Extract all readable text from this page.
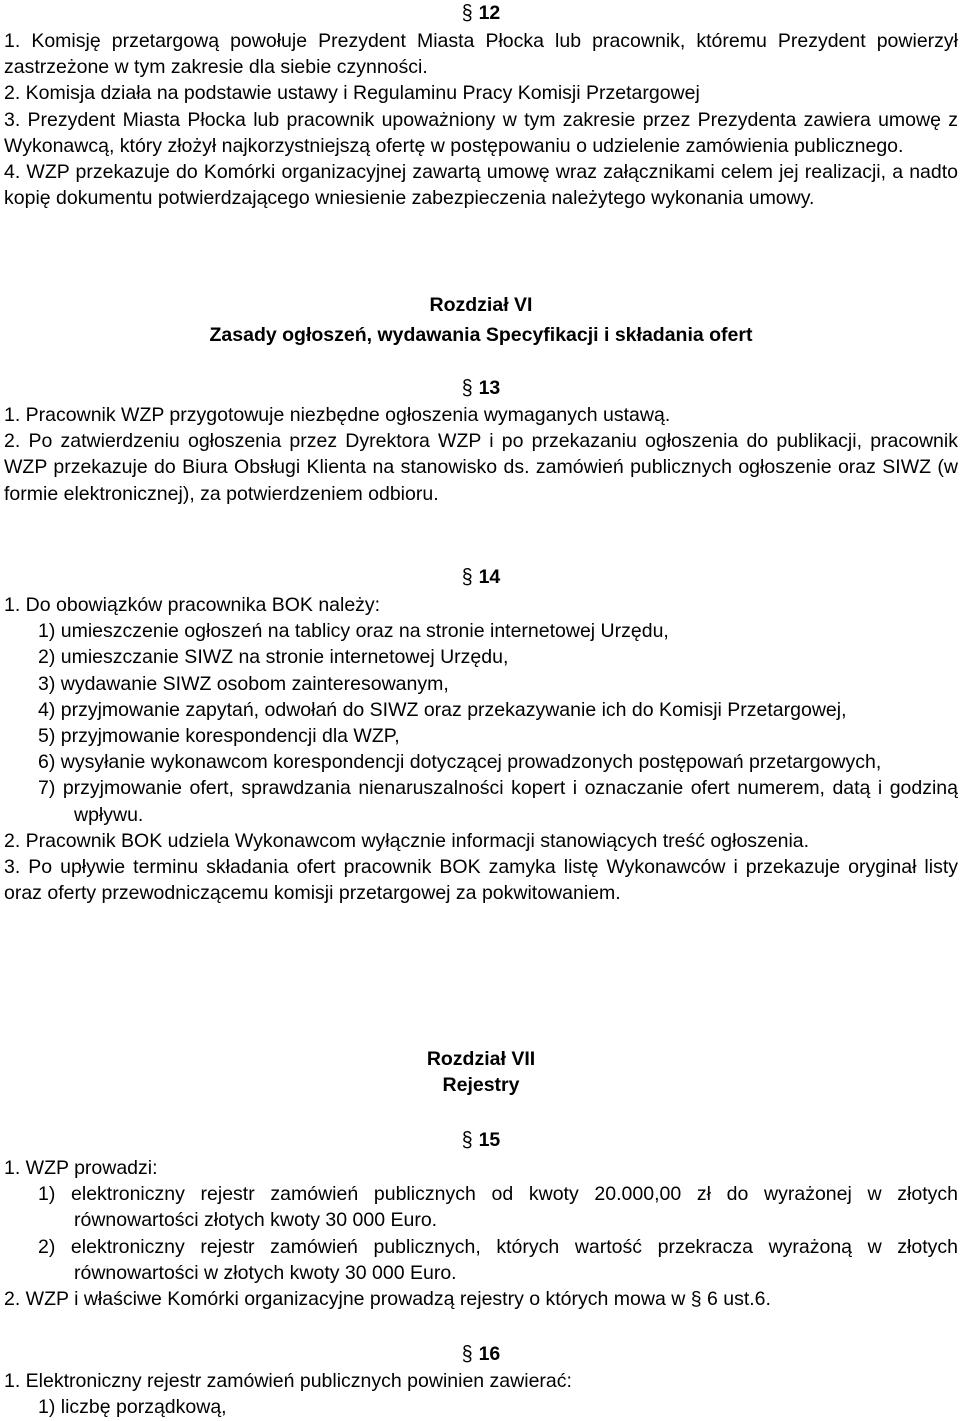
§ 12

1. Komisję przetargową powołuje Prezydent Miasta Płocka lub pracownik, któremu Prezydent powierzył zastrzeżone w tym zakresie dla siebie czynności.

2. Komisja działa na podstawie ustawy i Regulaminu Pracy Komisji Przetargowej

3. Prezydent Miasta Płocka lub pracownik upoważniony w tym zakresie przez Prezydenta zawiera umowę z Wykonawcą, który złożył najkorzystniejszą ofertę w postępowaniu o udzielenie zamówienia publicznego.

4. WZP przekazuje do Komórki organizacyjnej zawartą umowę wraz załącznikami celem jej realizacji, a nadto kopię dokumentu potwierdzającego wniesienie zabezpieczenia należytego wykonania umowy.

Rozdział VI
Zasady ogłoszeń, wydawania Specyfikacji i składania ofert
§ 13

1. Pracownik WZP przygotowuje niezbędne ogłoszenia wymaganych ustawą.

2. Po zatwierdzeniu ogłoszenia przez Dyrektora WZP i po przekazaniu ogłoszenia do publikacji, pracownik WZP przekazuje do Biura Obsługi Klienta na stanowisko ds. zamówień publicznych ogłoszenie oraz SIWZ (w formie elektronicznej), za potwierdzeniem odbioru.

§ 14

1. Do obowiązków pracownika BOK należy:

1) umieszczenie ogłoszeń na tablicy oraz na stronie internetowej Urzędu,
2) umieszczanie SIWZ na stronie internetowej Urzędu,
3) wydawanie SIWZ osobom zainteresowanym,
4) przyjmowanie zapytań, odwołań do SIWZ oraz przekazywanie ich do Komisji Przetargowej,
5) przyjmowanie korespondencji dla WZP,
6) wysyłanie wykonawcom korespondencji dotyczącej prowadzonych postępowań przetargowych,
7) przyjmowanie ofert, sprawdzania nienaruszalności kopert i oznaczanie ofert numerem, datą i godziną wpływu.

2. Pracownik BOK udziela Wykonawcom wyłącznie informacji stanowiących treść ogłoszenia.

3. Po upływie terminu składania ofert pracownik BOK zamyka listę Wykonawców i przekazuje oryginał listy oraz oferty przewodniczącemu komisji przetargowej za pokwitowaniem.

Rozdział VII
Rejestry
§ 15

1. WZP prowadzi:

1) elektroniczny rejestr zamówień publicznych od kwoty 20.000,00 zł do wyrażonej w złotych równowartości złotych kwoty 30 000 Euro.
2) elektroniczny rejestr zamówień publicznych, których wartość przekracza wyrażoną w złotych równowartości w złotych kwoty 30 000 Euro.

2. WZP i właściwe Komórki organizacyjne prowadzą rejestry o których mowa w § 6 ust.6.

§ 16

1. Elektroniczny rejestr zamówień publicznych powinien zawierać:

1) liczbę porządkową,
